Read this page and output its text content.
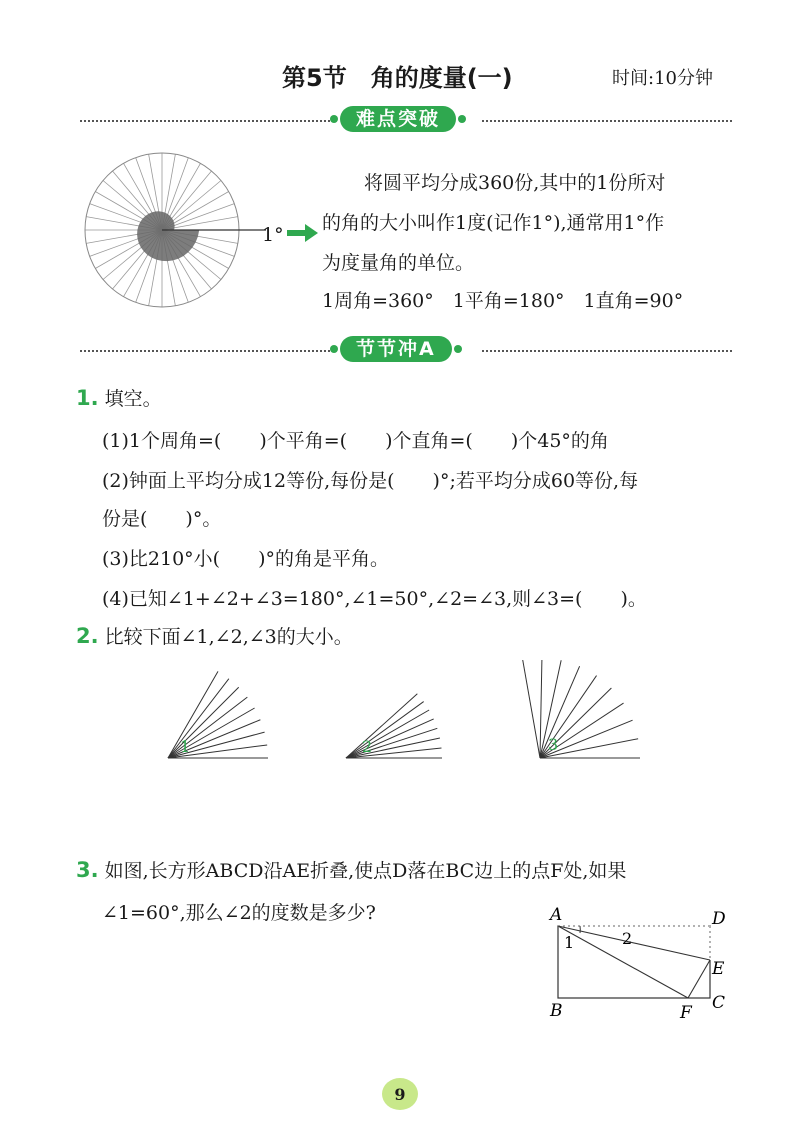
第5节 角的度量(一)	时间:10分钟
难点突破
1°
将圆平均分成360份,其中的1份所对
的角的大小叫作1度(记作1°),通常用1°作
为度量角的单位。
1周角=360°　1平角=180°　1直角=90°
节节冲A
1. 填空。
(1)1个周角=(　　)个平角=(　　)个直角=(　　)个45°的角
(2)钟面上平均分成12等份,每份是(　　)°;若平均分成60等份,每
份是(　　)°。
(3)比210°小(　　)°的角是平角。
(4)已知∠1+∠2+∠3=180°,∠1=50°,∠2=∠3,则∠3=(　　)。
2. 比较下面∠1,∠2,∠3的大小。
1	2	3
3. 如图,长方形ABCD沿AE折叠,使点D落在BC边上的点F处,如果
∠1=60°,那么∠2的度数是多少?	A	D
E
B	F C
1	2
9
